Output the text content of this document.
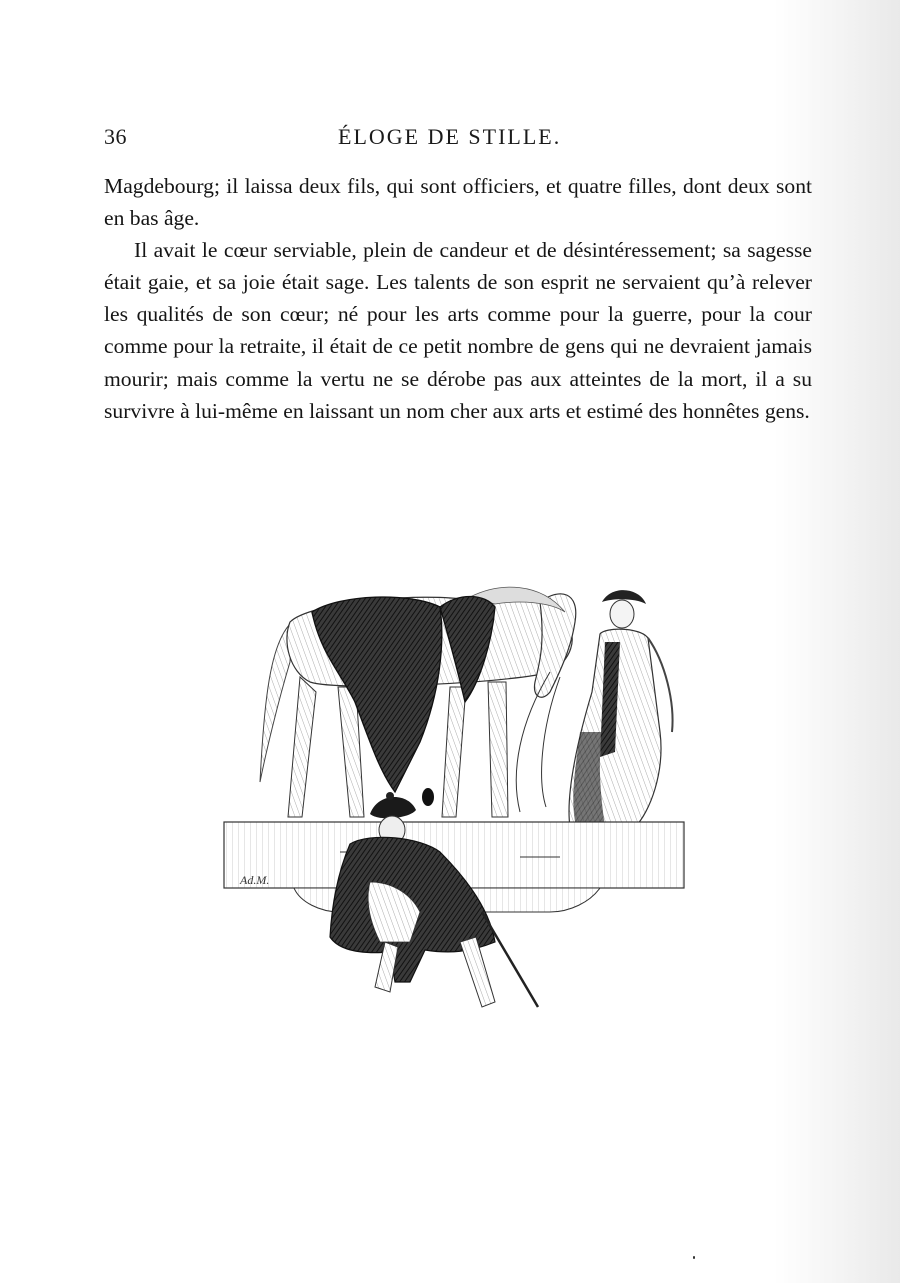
36	ÉLOGE DE STILLE.

Magdebourg; il laissa deux fils, qui sont officiers, et quatre filles, dont deux sont en bas âge.

Il avait le cœur serviable, plein de candeur et de désintéressement; sa sagesse était gaie, et sa joie était sage. Les talents de son esprit ne servaient qu’à relever les qualités de son cœur; né pour les arts comme pour la guerre, pour la cour comme pour la retraite, il était de ce petit nombre de gens qui ne devraient jamais mourir; mais comme la vertu ne se dérobe pas aux atteintes de la mort, il a su survivre à lui-même en laissant un nom cher aux arts et estimé des honnêtes gens.

Ad.M.
